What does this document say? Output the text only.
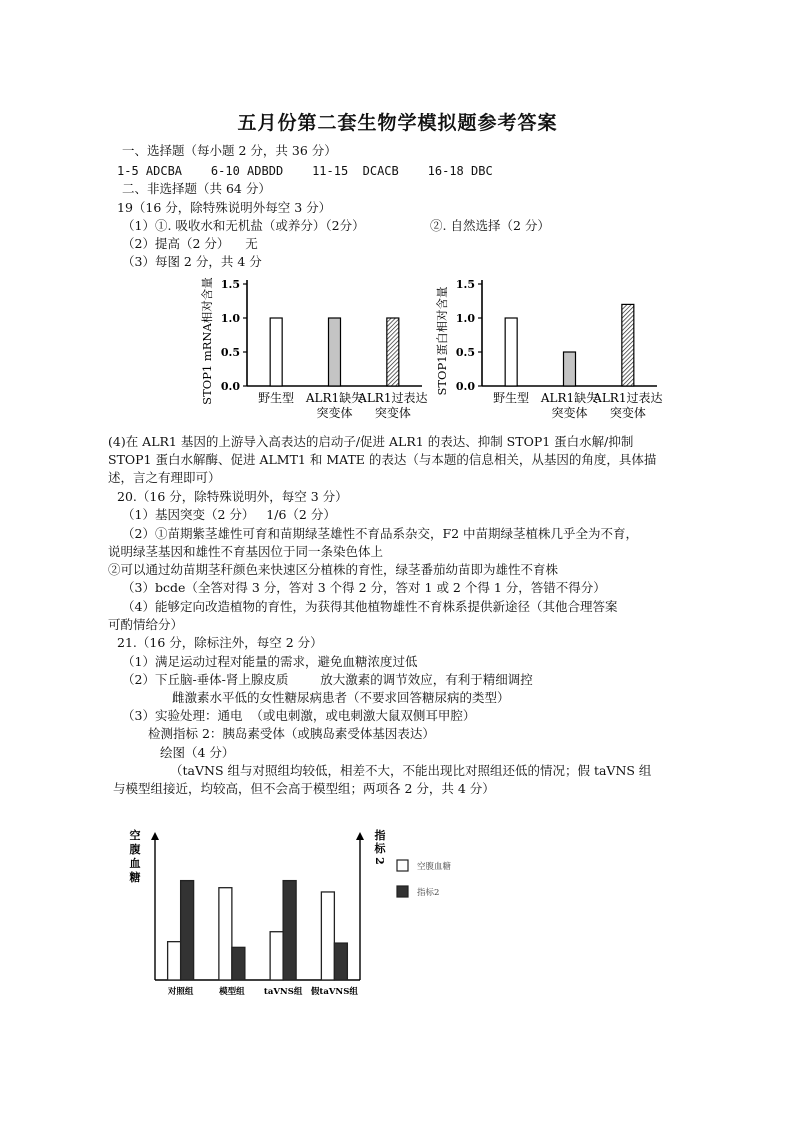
五月份第二套生物学模拟题参考答案
一、选择题（每小题 2 分，共 36 分）
1-5 ADCBA    6-10 ADBDD    11-15  DCACB    16-18 DBC
二、非选择题（共 64 分）
19（16 分，除特殊说明外每空 3 分）
（1）①. 吸收水和无机盐（或养分）（2分）	②. 自然选择（2 分）
（2）提高（2 分）    无
（3）每图 2 分，共 4 分
0.0
0.5
1.0
1.5
STOP1 mRNA相对含量	野生型 ALR1缺失
突变体
ALR1过表达
突变体
0.0
0.5
1.0
1.5
STOP1蛋白相对含量
野生型 ALR1缺失
突变体
ALR1过表达
突变体
(4)在 ALR1 基因的上游导入高表达的启动子/促进 ALR1 的表达、抑制 STOP1 蛋白水解/抑制
STOP1 蛋白水解酶、促进 ALMT1 和 MATE 的表达（与本题的信息相关，从基因的角度，具体描
述，言之有理即可）
20.（16 分，除特殊说明外，每空 3 分）
（1）基因突变（2 分）   1/6（2 分）
（2）①苗期紫茎雄性可育和苗期绿茎雄性不育品系杂交，F2 中苗期绿茎植株几乎全为不育，
说明绿茎基因和雄性不育基因位于同一条染色体上
②可以通过幼苗期茎秆颜色来快速区分植株的育性，绿茎番茄幼苗即为雄性不育株
（3）bcde（全答对得 3 分，答对 3 个得 2 分，答对 1 或 2 个得 1 分，答错不得分）
（4）能够定向改造植物的育性，为获得其他植物雄性不育株系提供新途径（其他合理答案
可酌情给分）
21.（16 分，除标注外，每空 2 分）
（1）满足运动过程对能量的需求，避免血糖浓度过低
（2）下丘脑-垂体-肾上腺皮质        放大激素的调节效应，有利于精细调控
雌激素水平低的女性糖尿病患者（不要求回答糖尿病的类型）
（3）实验处理：通电  （或电刺激，或电刺激大鼠双侧耳甲腔）
检测指标 2：胰岛素受体（或胰岛素受体基因表达）
绘图（4 分）
（taVNS 组与对照组均较低，相差不大，不能出现比对照组还低的情况；假 taVNS 组
与模型组接近，均较高，但不会高于模型组；两项各 2 分，共 4 分）
空
腹
血
糖
指
标
2
对照组	模型组 taVNS组 假taVNS组
空腹血糖
指标2
